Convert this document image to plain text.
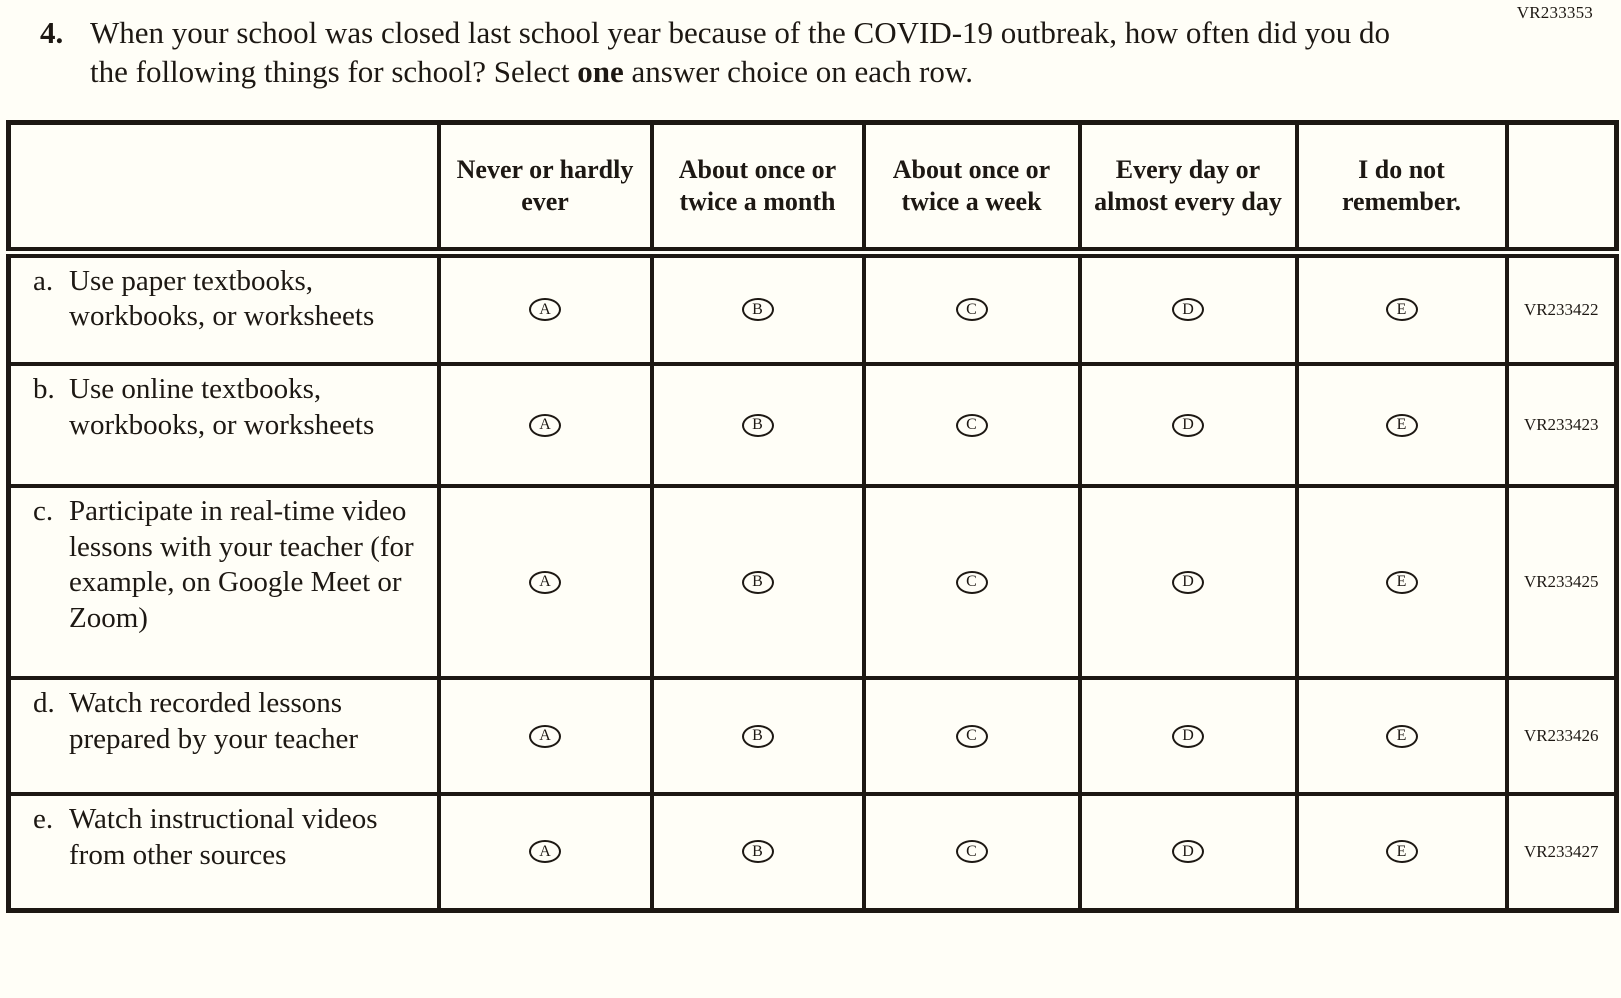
VR233353
4. When your school was closed last school year because of the COVID-19 outbreak, how often did you do the following things for school? Select one answer choice on each row.
	Never or hardly ever	About once or twice a month	About once or twice a week	Every day or almost every day	I do not remember.	

a. Use paper textbooks, workbooks, or worksheets	A	B	C	D	E	VR233422

b. Use online textbooks, workbooks, or worksheets	A	B	C	D	E	VR233423

c. Participate in real-time video lessons with your teacher (for example, on Google Meet or Zoom)	A	B	C	D	E	VR233425

d. Watch recorded lessons prepared by your teacher	A	B	C	D	E	VR233426

e. Watch instructional videos from other sources	A	B	C	D	E	VR233427
